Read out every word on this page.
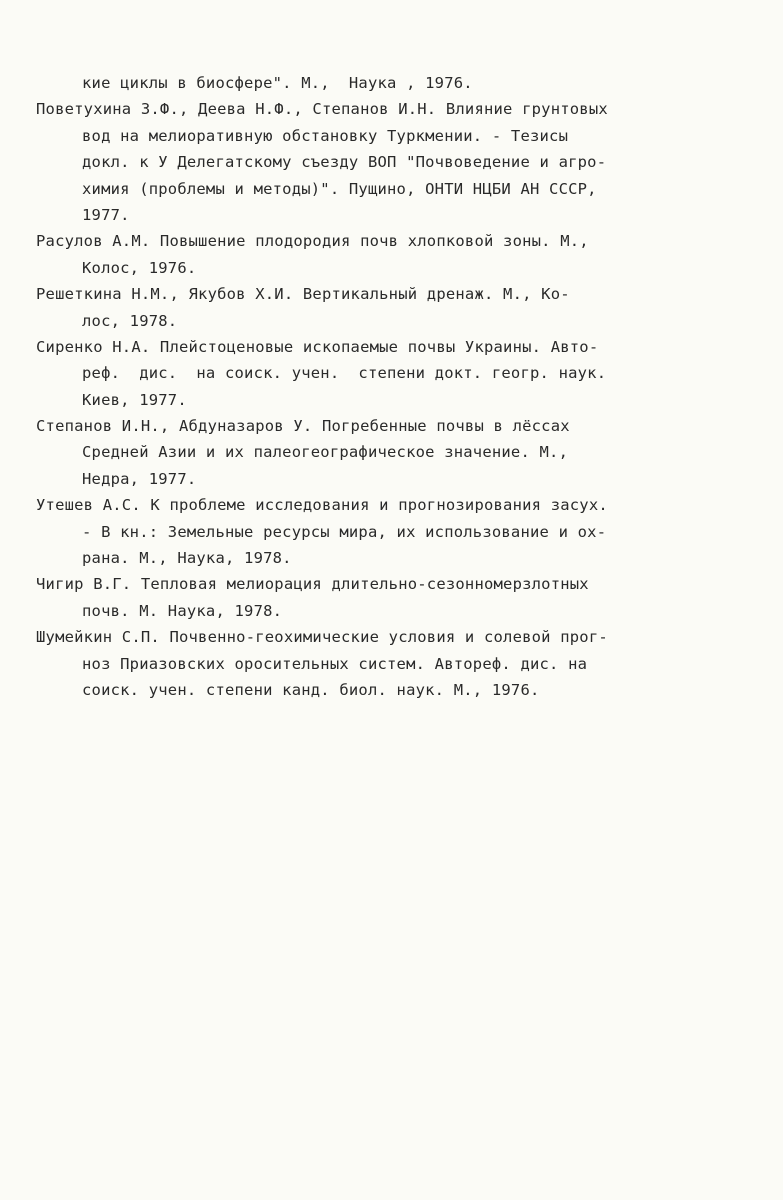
кие циклы в биосфере". М.,  Наука , 1976.
Поветухина З.Ф., Деева Н.Ф., Степанов И.Н. Влияние грунтовых
вод на мелиоративную обстановку Туркмении. - Тезисы
докл. к У Делегатскому съезду ВОП "Почвоведение и агро-
химия (проблемы и методы)". Пущино, ОНТИ НЦБИ АН СССР,
1977.
Расулов А.М. Повышение плодородия почв хлопковой зоны. М.,
Колос, 1976.
Решеткина Н.М., Якубов Х.И. Вертикальный дренаж. М., Ко-
лос, 1978.
Сиренко Н.А. Плейстоценовые ископаемые почвы Украины. Авто-
реф.  дис.  на соиск. учен.  степени докт. геогр. наук.
Киев, 1977.
Степанов И.Н., Абдуназаров У. Погребенные почвы в лёссах
Средней Азии и их палеогеографическое значение. М.,
Недра, 1977.
Утешев А.С. К проблеме исследования и прогнозирования засух.
- В кн.: Земельные ресурсы мира, их использование и ох-
рана. М., Наука, 1978.
Чигир В.Г. Тепловая мелиорация длительно-сезонномерзлотных
почв. М. Наука, 1978.
Шумейкин С.П. Почвенно-геохимические условия и солевой прог-
ноз Приазовских оросительных систем. Автореф. дис. на
соиск. учен. степени канд. биол. наук. М., 1976.
